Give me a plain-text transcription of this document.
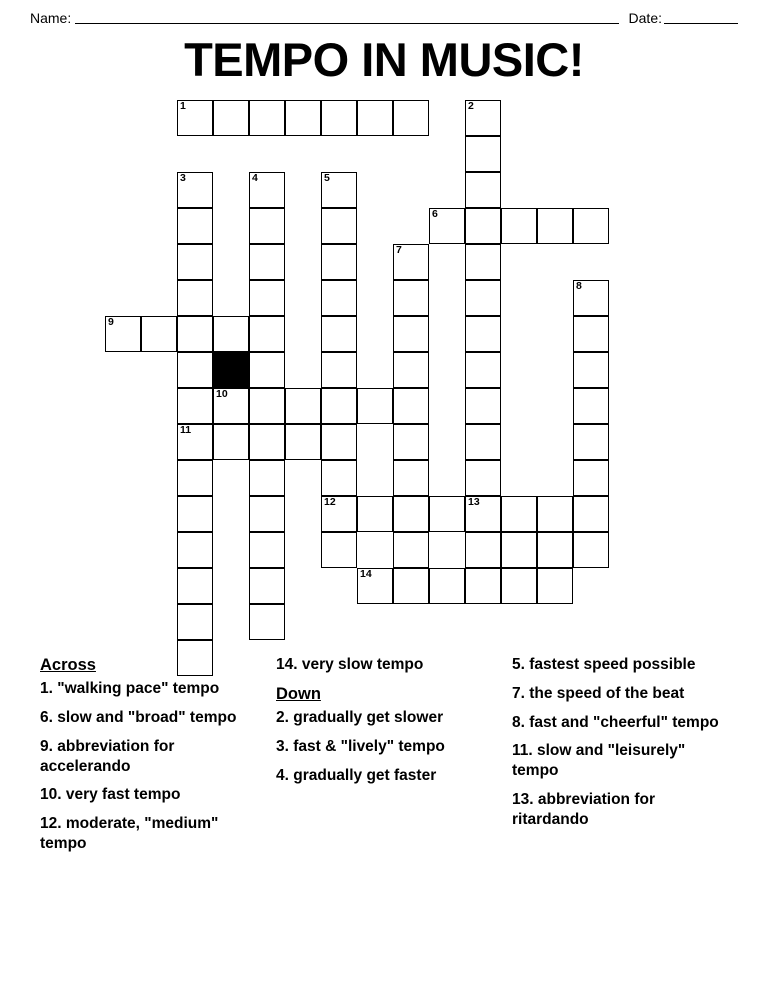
Name:	Date:
TEMPO IN MUSIC!
1	2
3	4	5
6
7
8
9
10
11
12	13
14
Across
1. "walking pace" tempo
6. slow and "broad" tempo
9. abbreviation for accelerando
10. very fast tempo
12. moderate, "medium" tempo
14. very slow tempo
Down
2. gradually get slower
3. fast & "lively" tempo
4. gradually get faster
5. fastest speed possible
7. the speed of the beat
8. fast and "cheerful" tempo
11. slow and "leisurely" tempo
13. abbreviation for ritardando
